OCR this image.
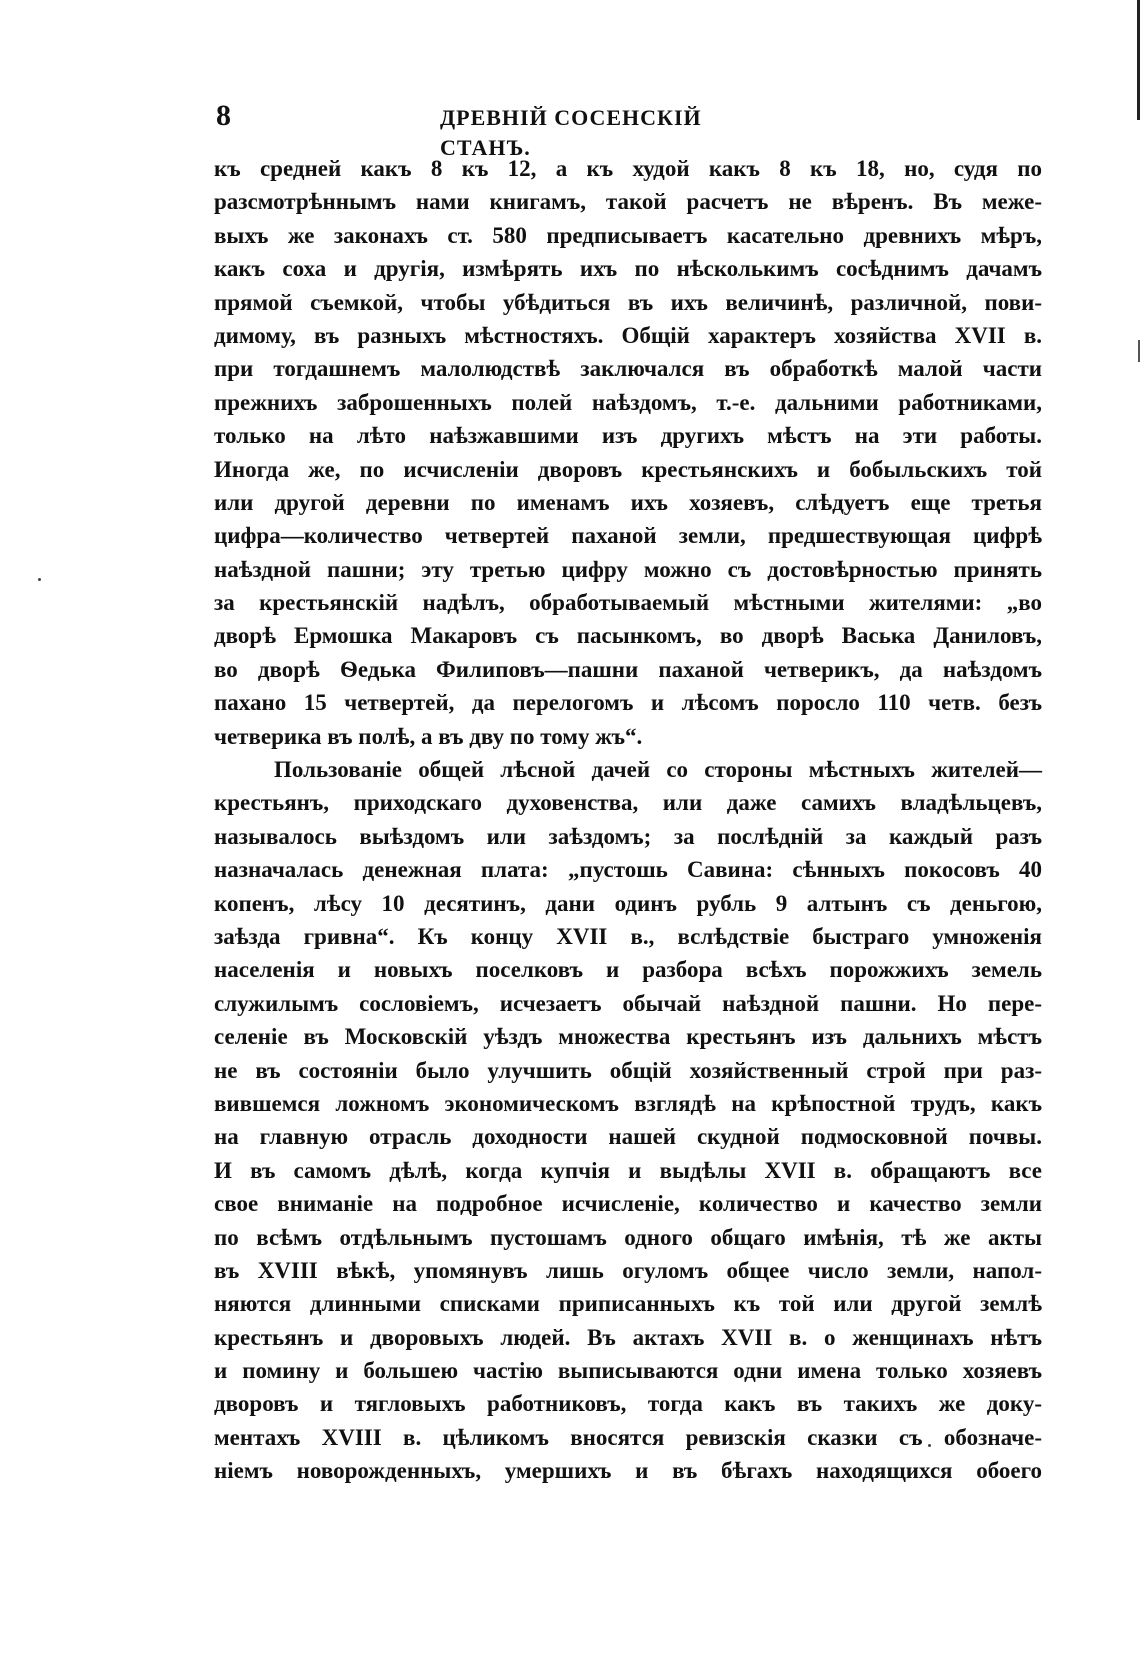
8	ДРЕВНІЙ СОСЕНСКІЙ СТАНЪ.
къ средней какъ 8 къ 12, а къ худой какъ 8 къ 18, но, судя по
разсмотрѣннымъ нами книгамъ, такой расчетъ не вѣренъ. Въ меже-
выхъ же законахъ ст. 580 предписываетъ касательно древнихъ мѣръ,
какъ соха и другія, измѣрять ихъ по нѣсколькимъ сосѣднимъ дачамъ
прямой съемкой, чтобы убѣдиться въ ихъ величинѣ, различной, пови-
димому, въ разныхъ мѣстностяхъ. Общій характеръ хозяйства XVII в.
при тогдашнемъ малолюдствѣ заключался въ обработкѣ малой части
прежнихъ заброшенныхъ полей наѣздомъ, т.-е. дальними работниками,
только на лѣто наѣзжавшими изъ другихъ мѣстъ на эти работы.
Иногда же, по исчисленіи дворовъ крестьянскихъ и бобыльскихъ той
или другой деревни по именамъ ихъ хозяевъ, слѣдуетъ еще третья
цифра—количество четвертей паханой земли, предшествующая цифрѣ
наѣздной пашни; эту третью цифру можно съ достовѣрностью принять
за крестьянскій надѣлъ, обработываемый мѣстными жителями: „во
дворѣ Ермошка Макаровъ съ пасынкомъ, во дворѣ Васька Даниловъ,
во дворѣ Ѳедька Филиповъ—пашни паханой четверикъ, да наѣздомъ
пахано 15 четвертей, да перелогомъ и лѣсомъ поросло 110 четв. безъ
четверика въ полѣ, а въ дву по тому жъ“.
Пользованіе общей лѣсной дачей со стороны мѣстныхъ жителей—
крестьянъ, приходскаго духовенства, или даже самихъ владѣльцевъ,
называлось выѣздомъ или заѣздомъ; за послѣдній за каждый разъ
назначалась денежная плата: „пустошь Савина: сѣнныхъ покосовъ 40
копенъ, лѣсу 10 десятинъ, дани одинъ рубль 9 алтынъ съ деньгою,
заѣзда гривна“. Къ концу XVII в., вслѣдствіе быстраго умноженія
населенія и новыхъ поселковъ и разбора всѣхъ порожжихъ земель
служилымъ сословіемъ, исчезаетъ обычай наѣздной пашни. Но пере-
селеніе въ Московскій уѣздъ множества крестьянъ изъ дальнихъ мѣстъ
не въ состояніи было улучшить общій хозяйственный строй при раз-
вившемся ложномъ экономическомъ взглядѣ на крѣпостной трудъ, какъ
на главную отрасль доходности нашей скудной подмосковной почвы.
И въ самомъ дѣлѣ, когда купчія и выдѣлы XVII в. обращаютъ все
свое вниманіе на подробное исчисленіе, количество и качество земли
по всѣмъ отдѣльнымъ пустошамъ одного общаго имѣнія, тѣ же акты
въ XVIII вѣкѣ, упомянувъ лишь огуломъ общее число земли, напол-
няются длинными списками приписанныхъ къ той или другой землѣ
крестьянъ и дворовыхъ людей. Въ актахъ XVII в. о женщинахъ нѣтъ
и помину и большею частію выписываются одни имена только хозяевъ
дворовъ и тягловыхъ работниковъ, тогда какъ въ такихъ же доку-
ментахъ XVIII в. цѣликомъ вносятся ревизскія сказки съ обозначе-
ніемъ новорожденныхъ, умершихъ и въ бѣгахъ находящихся обоего
